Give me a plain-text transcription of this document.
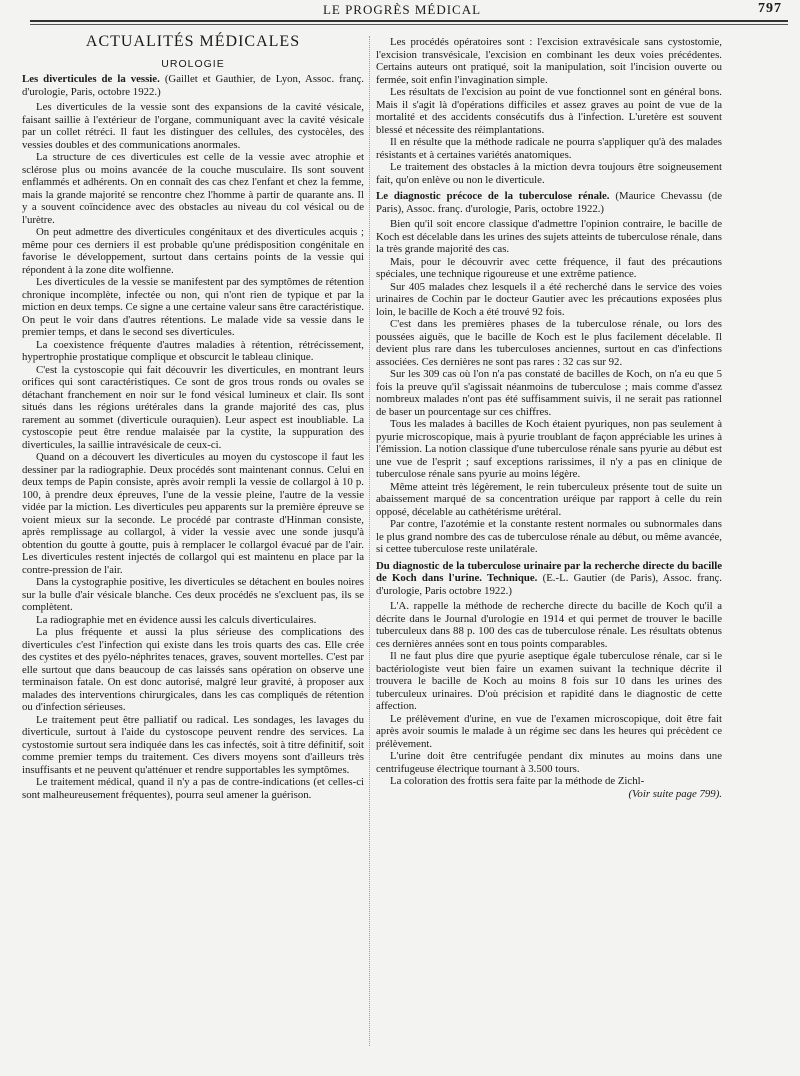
LE PROGRÈS MÉDICAL	797
ACTUALITÉS MÉDICALES
UROLOGIE
Les diverticules de la vessie. (Gaillet et Gauthier, de Lyon, Assoc. franç. d'urologie, Paris, octobre 1922.)

Les diverticules de la vessie sont des expansions de la cavité vésicale, faisant saillie à l'extérieur de l'organe, communiquant avec la cavité vésicale par un collet rétréci. Il faut les distinguer des cellules, des cystocèles, des vessies doubles et des communications anormales.

La structure de ces diverticules est celle de la vessie avec atrophie et sclérose plus ou moins avancée de la couche musculaire. Ils sont souvent enflammés et adhérents. On en connaît des cas chez l'enfant et chez la femme, mais la grande majorité se rencontre chez l'homme à partir de quarante ans. Il y a souvent coïncidence avec des obstacles au niveau du col vésical ou de l'urètre.

On peut admettre des diverticules congénitaux et des diverticules acquis ; même pour ces derniers il est probable qu'une prédisposition congénitale en favorise le développement, surtout dans certains points de la vessie qui répondent à la zone dite wolfienne.

Les diverticules de la vessie se manifestent par des symptômes de rétention chronique incomplète, infectée ou non, qui n'ont rien de typique et par la miction en deux temps. Ce signe a une certaine valeur sans être caractéristique. On peut le voir dans d'autres rétentions. Le malade vide sa vessie dans le premier temps, et dans le second ses diverticules.

La coexistence fréquente d'autres maladies à rétention, rétrécissement, hypertrophie prostatique complique et obscurcit le tableau clinique.

C'est la cystoscopie qui fait découvrir les diverticules, en montrant leurs orifices qui sont caractéristiques. Ce sont de gros trous ronds ou ovales se détachant franchement en noir sur le fond vésical lumineux et clair. Ils sont situés dans les régions urétérales dans la grande majorité des cas, plus rarement au sommet (diverticule ouraquien). Leur aspect est inoubliable. La cystoscopie peut être rendue malaisée par la cystite, la suppuration des diverticules, la saillie intravésicale de ceux-ci.

Quand on a découvert les diverticules au moyen du cystoscope il faut les dessiner par la radiographie. Deux procédés sont maintenant connus. Celui en deux temps de Papin consiste, après avoir rempli la vessie de collargol à 10 p. 100, à prendre deux épreuves, l'une de la vessie pleine, l'autre de la vessie vidée par la miction. Les diverticules peu apparents sur la première épreuve se voient mieux sur la seconde. Le procédé par contraste d'Hinman consiste, après remplissage au collargol, à vider la vessie avec une sonde jusqu'à obtention du goutte à goutte, puis à remplacer le collargol évacué par de l'air. Les diverticules restent injectés de collargol qui est maintenu en place par la contre-pression de l'air.

Dans la cystographie positive, les diverticules se détachent en boules noires sur la bulle d'air vésicale blanche. Ces deux procédés ne s'excluent pas, ils se complètent.

La radiographie met en évidence aussi les calculs diverticulaires.

La plus fréquente et aussi la plus sérieuse des complications des diverticules c'est l'infection qui existe dans les trois quarts des cas. Elle crée des cystites et des pyélo-néphrites tenaces, graves, souvent mortelles. C'est par elle surtout que dans beaucoup de cas laissés sans opération on observe une terminaison fatale. On est donc autorisé, malgré leur gravité, à proposer aux malades des interventions chirurgicales, dans les cas compliqués de rétention ou d'infection sérieuses.

Le traitement peut être palliatif ou radical. Les sondages, les lavages du diverticule, surtout à l'aide du cystoscope peuvent rendre des services. La cystostomie surtout sera indiquée dans les cas infectés, soit à titre définitif, soit comme premier temps du traitement. Ces divers moyens sont d'ailleurs très insuffisants et ne peuvent qu'atténuer et rendre supportables les symptômes.

Le traitement médical, quand il n'y a pas de contre-indications (et celles-ci sont malheureusement fréquentes), pourra seul amener la guérison.

Les procédés opératoires sont : l'excision extravésicale sans cystostomie, l'excision transvésicale, l'excision en combinant les deux voies précédentes. Certains auteurs ont pratiqué, soit la manipulation, soit l'incision ouverte ou fermée, soit enfin l'invagination simple.

Les résultats de l'excision au point de vue fonctionnel sont en général bons. Mais il s'agit là d'opérations difficiles et assez graves au point de vue de la mortalité et des accidents consécutifs dus à l'infection. L'uretère est souvent blessé et nécessite des réimplantations.

Il en résulte que la méthode radicale ne pourra s'appliquer qu'à des malades résistants et à certaines variétés anatomiques.

Le traitement des obstacles à la miction devra toujours être soigneusement fait, qu'on enlève ou non le diverticule.

Le diagnostic précoce de la tuberculose rénale. (Maurice Chevassu (de Paris), Assoc. franç. d'urologie, Paris, octobre 1922.)

Bien qu'il soit encore classique d'admettre l'opinion contraire, le bacille de Koch est décelable dans les urines des sujets atteints de tuberculose rénale, dans la très grande majorité des cas.

Mais, pour le découvrir avec cette fréquence, il faut des précautions spéciales, une technique rigoureuse et une extrême patience.

Sur 405 malades chez lesquels il a été recherché dans le service des voies urinaires de Cochin par le docteur Gautier avec les précautions exposées plus loin, le bacille de Koch a été trouvé 92 fois.

C'est dans les premières phases de la tuberculose rénale, ou lors des poussées aiguës, que le bacille de Koch est le plus facilement décelable. Il devient plus rare dans les tuberculoses anciennes, surtout en cas d'infections associées. Ces dernières ne sont pas rares : 32 cas sur 92.

Sur les 309 cas où l'on n'a pas constaté de bacilles de Koch, on n'a eu que 5 fois la preuve qu'il s'agissait néanmoins de tuberculose ; mais comme d'assez nombreux malades n'ont pas été suffisamment suivis, il ne serait pas rationnel de baser un pourcentage sur ces chiffres.

Tous les malades à bacilles de Koch étaient pyuriques, non pas seulement à pyurie microscopique, mais à pyurie troublant de façon appréciable les urines à l'émission. La notion classique d'une tuberculose rénale sans pyurie au début est une vue de l'esprit ; sauf exceptions rarissimes, il n'y a pas en clinique de tuberculose rénale sans pyurie au moins légère.

Même atteint très légèrement, le rein tuberculeux présente tout de suite un abaissement marqué de sa concentration uréique par rapport à celle du rein opposé, décelable au cathétérisme urétéral.

Par contre, l'azotémie et la constante restent normales ou subnormales dans le plus grand nombre des cas de tuberculose rénale au début, ou même avancée, si cettee tuberculose reste unilatérale.

Du diagnostic de la tuberculose urinaire par la recherche directe du bacille de Koch dans l'urine. Technique. (E.-L. Gautier (de Paris), Assoc. franç. d'urologie, Paris octobre 1922.)

L'A. rappelle la méthode de recherche directe du bacille de Koch qu'il a décrite dans le Journal d'urologie en 1914 et qui permet de trouver le bacille tuberculeux dans 88 p. 100 des cas de tuberculose rénale. Les résultats obtenus ces dernières années sont en tous points comparables.

Il ne faut plus dire que pyurie aseptique égale tuberculose rénale, car si le bactériologiste veut bien faire un examen suivant la technique décrite il trouvera le bacille de Koch au moins 8 fois sur 10 dans les urines des tuberculeux urinaires. D'où précision et rapidité dans le diagnostic de cette affection.

Le prélèvement d'urine, en vue de l'examen microscopique, doit être fait après avoir soumis le malade à un régime sec dans les heures qui précèdent ce prélèvement.

L'urine doit être centrifugée pendant dix minutes au moins dans une centrifugeuse électrique tournant à 3.500 tours.

La coloration des frottis sera faite par la méthode de Zichl-

(Voir suite page 799).
